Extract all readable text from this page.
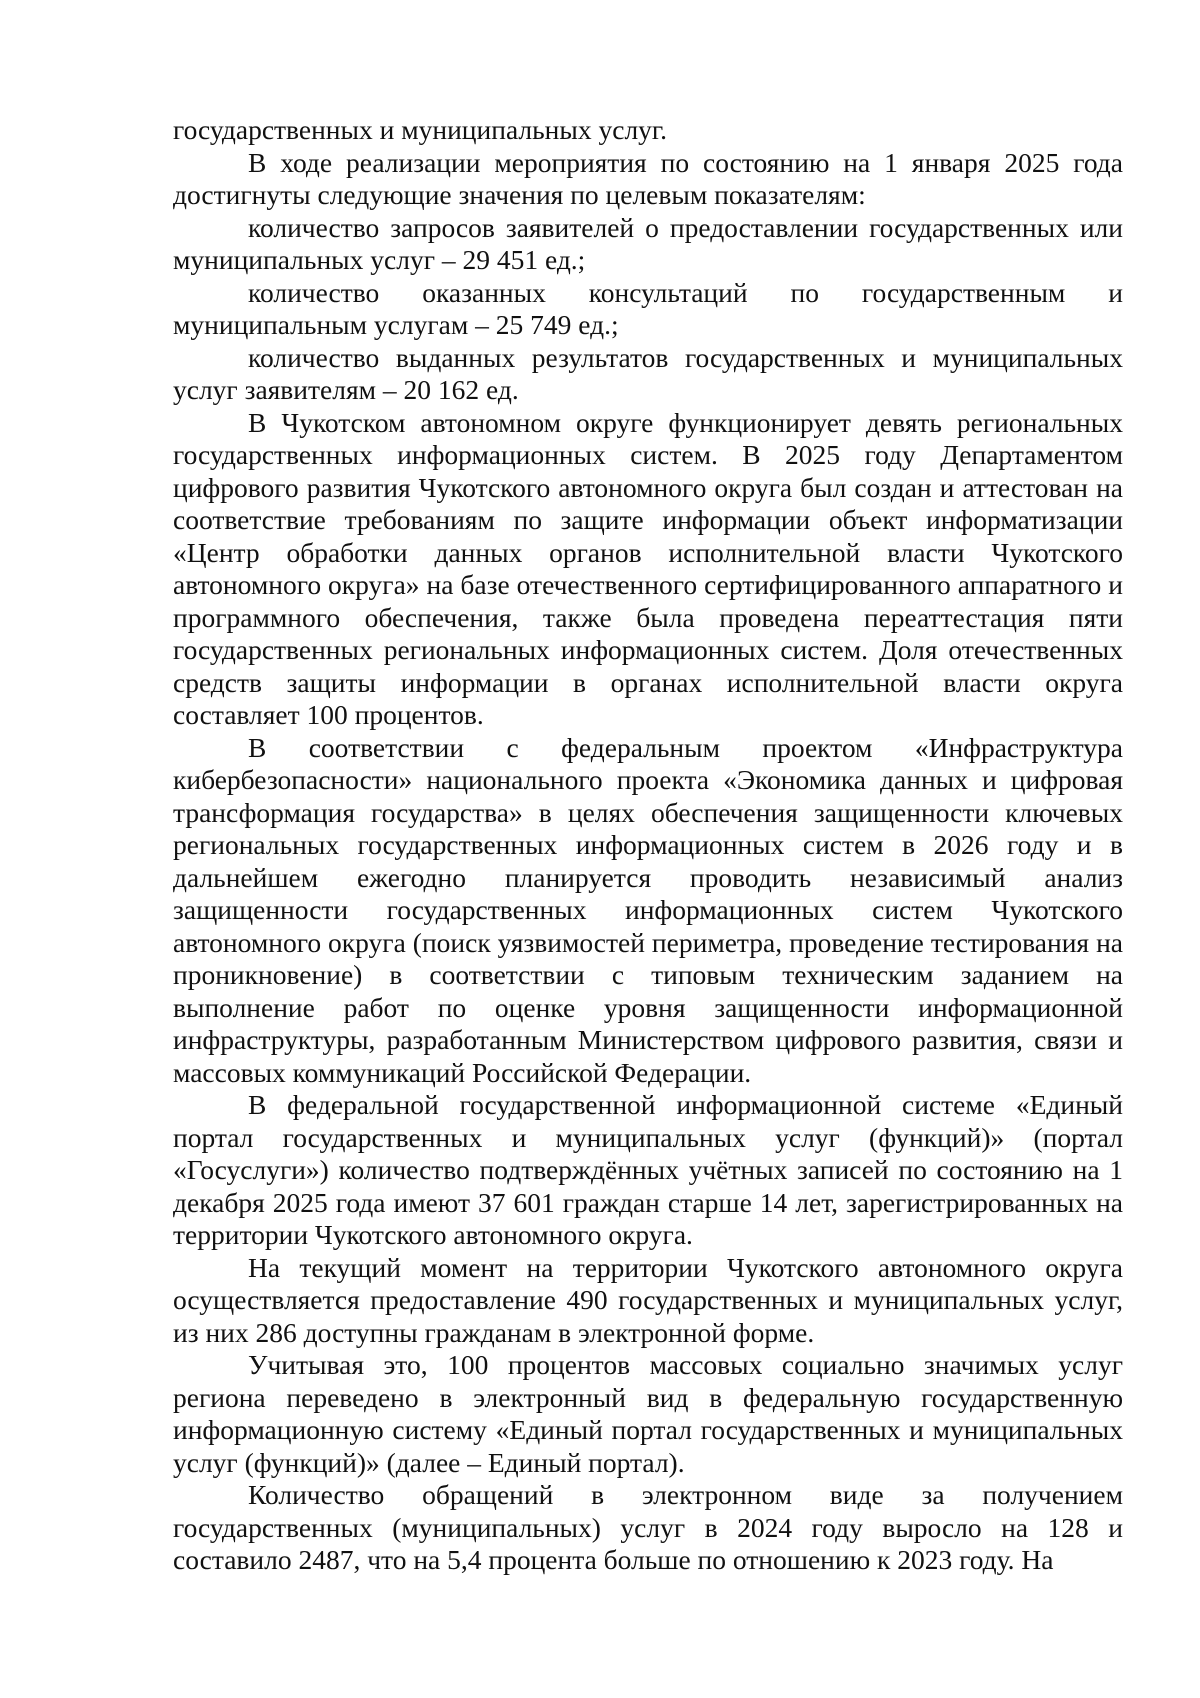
государственных и муниципальных услуг.

В ходе реализации мероприятия по состоянию на 1 января 2025 года достигнуты следующие значения по целевым показателям:

количество запросов заявителей о предоставлении государственных или муниципальных услуг – 29 451 ед.;

количество оказанных консультаций по государственным и муниципальным услугам – 25 749 ед.;

количество выданных результатов государственных и муниципальных услуг заявителям – 20 162 ед.

В Чукотском автономном округе функционирует девять региональных государственных информационных систем. В 2025 году Департаментом цифрового развития Чукотского автономного округа был создан и аттестован на соответствие требованиям по защите информации объект информатизации «Центр обработки данных органов исполнительной власти Чукотского автономного округа» на базе отечественного сертифицированного аппаратного и программного обеспечения, также была проведена переаттестация пяти государственных региональных информационных систем. Доля отечественных средств защиты информации в органах исполнительной власти округа составляет 100 процентов.

В соответствии с федеральным проектом «Инфраструктура кибербезопасности» национального проекта «Экономика данных и цифровая трансформация государства» в целях обеспечения защищенности ключевых региональных государственных информационных систем в 2026 году и в дальнейшем ежегодно планируется проводить независимый анализ защищенности государственных информационных систем Чукотского автономного округа (поиск уязвимостей периметра, проведение тестирования на проникновение) в соответствии с типовым техническим заданием на выполнение работ по оценке уровня защищенности информационной инфраструктуры, разработанным Министерством цифрового развития, связи и массовых коммуникаций Российской Федерации.

В федеральной государственной информационной системе «Единый портал государственных и муниципальных услуг (функций)» (портал «Госуслуги») количество подтверждённых учётных записей по состоянию на 1 декабря 2025 года имеют 37 601 граждан старше 14 лет, зарегистрированных на территории Чукотского автономного округа.

На текущий момент на территории Чукотского автономного округа осуществляется предоставление 490 государственных и муниципальных услуг, из них 286 доступны гражданам в электронной форме.

Учитывая это, 100 процентов массовых социально значимых услуг региона переведено в электронный вид в федеральную государственную информационную систему «Единый портал государственных и муниципальных услуг (функций)» (далее – Единый портал).

Количество обращений в электронном виде за получением государственных (муниципальных) услуг в 2024 году выросло на 128 и составило 2487, что на 5,4 процента больше по отношению к 2023 году. На
